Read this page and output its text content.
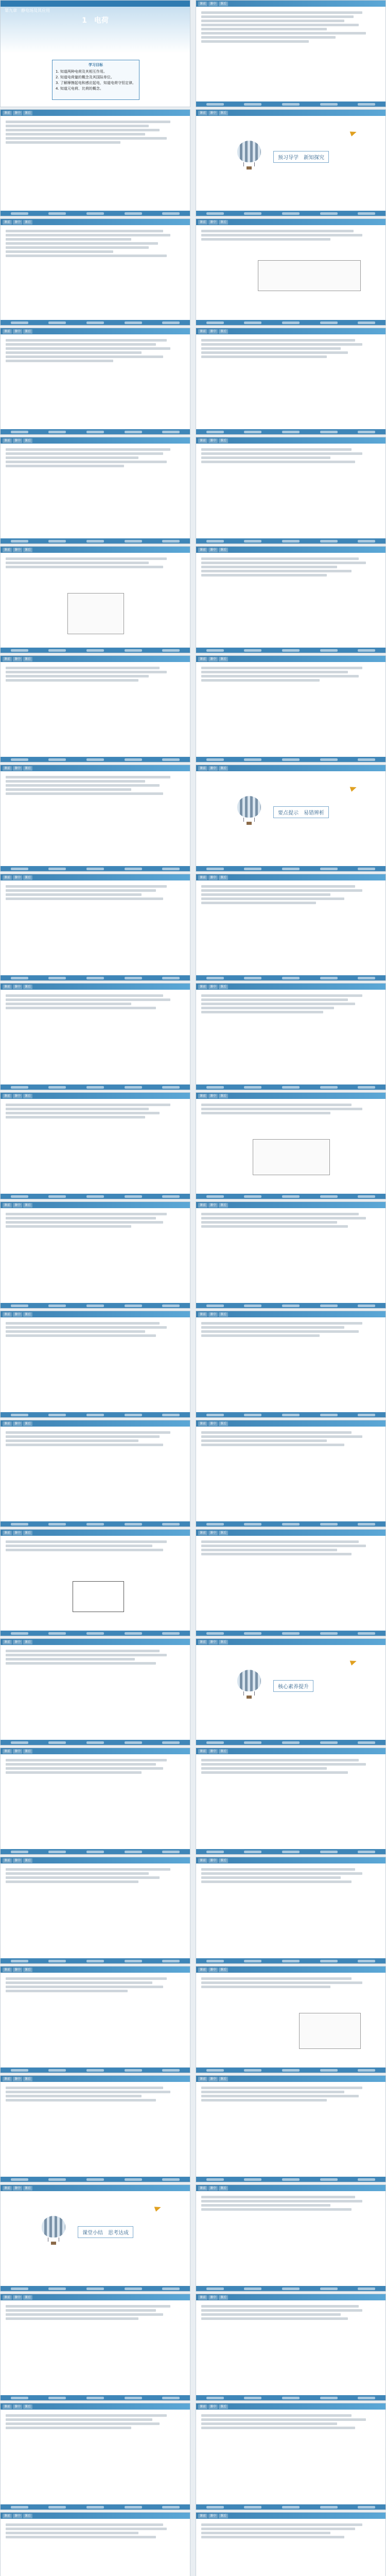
第九章　静电场及其应用
1　电荷
学习目标
1. 知道两种电荷及其相互作用。
2. 知道电荷量的概念及其国际单位。
3. 了解摩擦起电和感应起电，知道电荷守恒定律。
4. 知道元电荷、比荷的概念。
课前	课中	课后
课前	课中	课后	课前	课中	课后
预习导学　新知探究
课前	课中	课后	课前	课中	课后
课前	课中	课后	课前	课中	课后
课前	课中	课后	课前	课中	课后
课前	课中	课后	课前	课中	课后
课前	课中	课后	课前	课中	课后
课前	课中	课后	课前	课中	课后
要点提示　易错辨析
课前	课中	课后	课前	课中	课后
课前	课中	课后	课前	课中	课后
课前	课中	课后	课前	课中	课后
课前	课中	课后	课前	课中	课后
课前	课中	课后	课前	课中	课后
课前	课中	课后	课前	课中	课后
课前	课中	课后	课前	课中	课后
课前	课中	课后	课前	课中	课后
核心素养提升
课前	课中	课后	课前	课中	课后
课前	课中	课后	课前	课中	课后
课前	课中	课后	课前	课中	课后
课前	课中	课后	课前	课中	课后
课前	课中	课后
课堂小结　思考达成
课前	课中	课后
课前	课中	课后	课前	课中	课后
课前	课中	课后	课前	课中	课后
课前	课中	课后	课前	课中	课后
